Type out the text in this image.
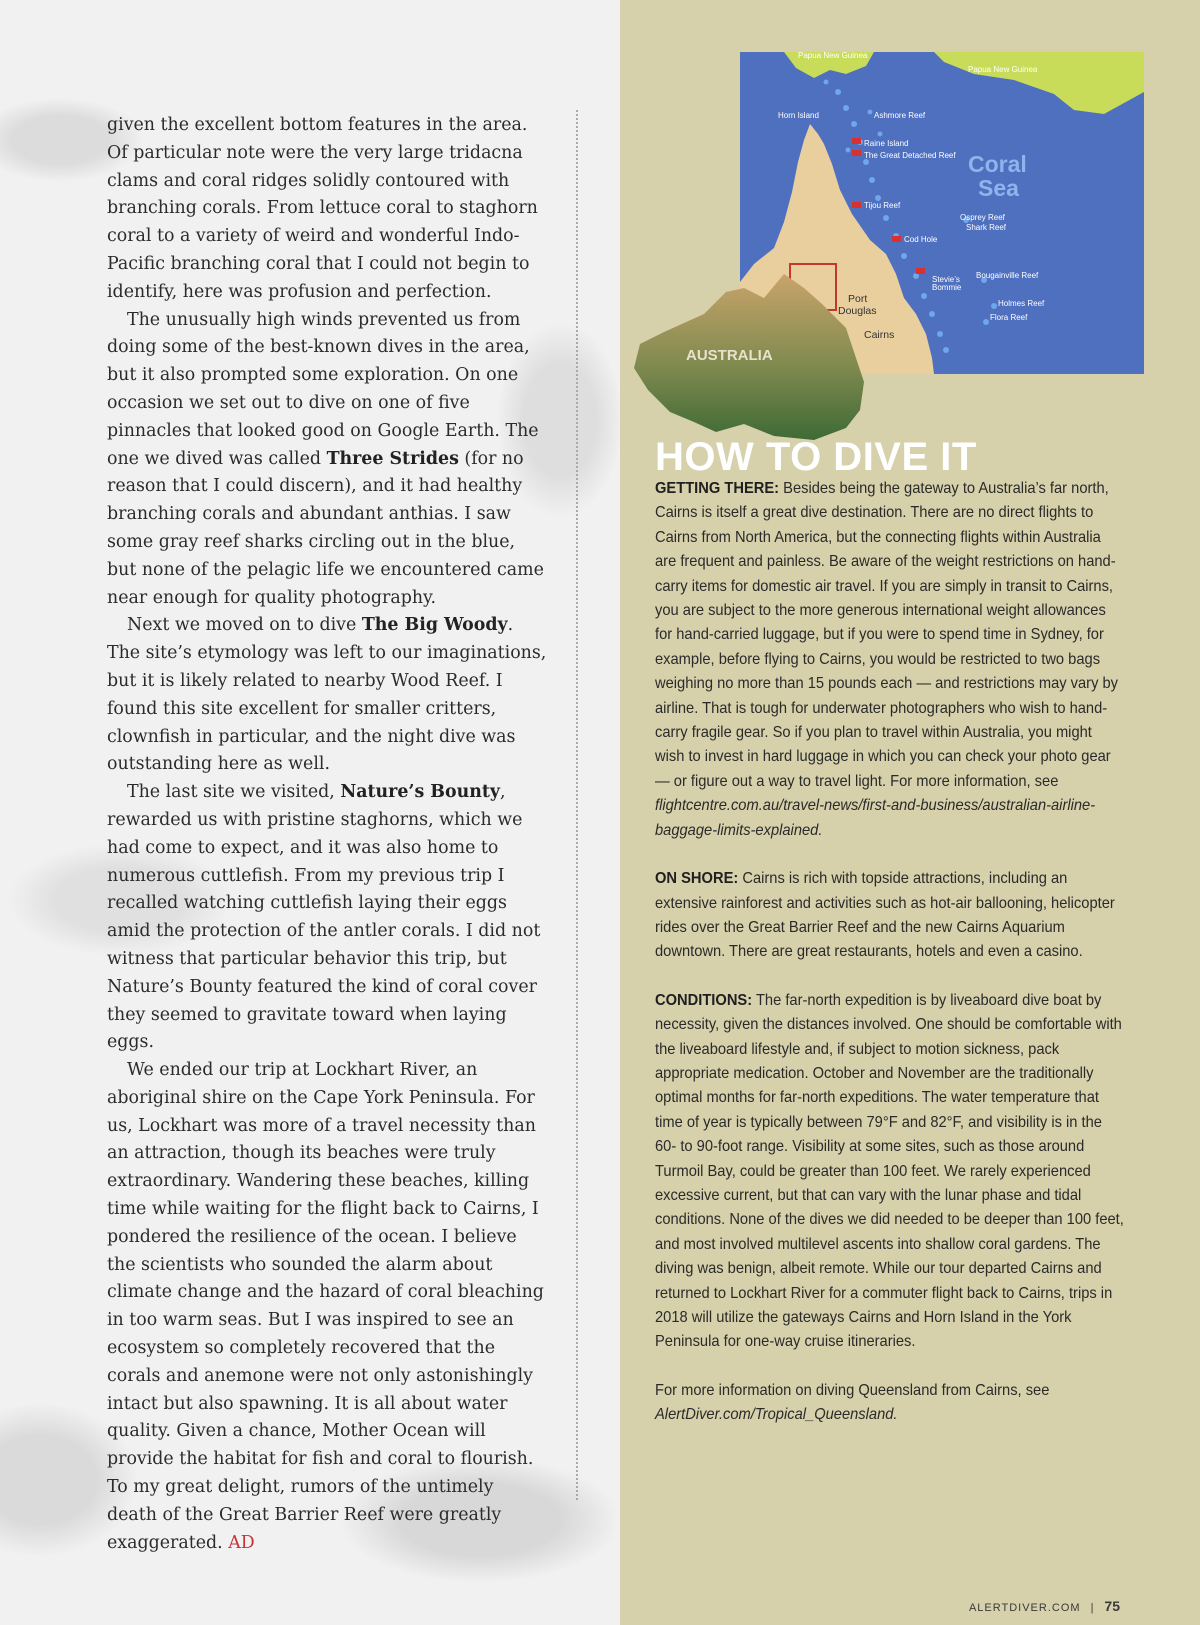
given the excellent bottom features in the area. Of particular note were the very large tridacna clams and coral ridges solidly contoured with branching corals. From lettuce coral to staghorn coral to a variety of weird and wonderful Indo-Pacific branching coral that I could not begin to identify, here was profusion and perfection.

The unusually high winds prevented us from doing some of the best-known dives in the area, but it also prompted some exploration. On one occasion we set out to dive on one of five pinnacles that looked good on Google Earth. The one we dived was called Three Strides (for no reason that I could discern), and it had healthy branching corals and abundant anthias. I saw some gray reef sharks circling out in the blue, but none of the pelagic life we encountered came near enough for quality photography.

Next we moved on to dive The Big Woody. The site’s etymology was left to our imaginations, but it is likely related to nearby Wood Reef. I found this site excellent for smaller critters, clownfish in particular, and the night dive was outstanding here as well.

The last site we visited, Nature’s Bounty, rewarded us with pristine staghorns, which we had come to expect, and it was also home to numerous cuttlefish. From my previous trip I recalled watching cuttlefish laying their eggs amid the protection of the antler corals. I did not witness that particular behavior this trip, but Nature’s Bounty featured the kind of coral cover they seemed to gravitate toward when laying eggs.

We ended our trip at Lockhart River, an aboriginal shire on the Cape York Peninsula. For us, Lockhart was more of a travel necessity than an attraction, though its beaches were truly extraordinary. Wandering these beaches, killing time while waiting for the flight back to Cairns, I pondered the resilience of the ocean. I believe the scientists who sounded the alarm about climate change and the hazard of coral bleaching in too warm seas. But I was inspired to see an ecosystem so completely recovered that the corals and anemone were not only astonishingly intact but also spawning. It is all about water quality. Given a chance, Mother Ocean will provide the habitat for fish and coral to flourish. To my great delight, rumors of the untimely death of the Great Barrier Reef were greatly exaggerated. AD

Papua New Guinea
Papua New Guinea
Horn Island	Ashmore Reef
Raine Island
The Great Detached Reef
Tijou Reef
Osprey Reef
Shark Reef
Cod Hole
Bougainville Reef
Stevie’s
Bommie
Holmes Reef
Flora Reef
Port
Douglas
Cairns
Coral
Sea
AUSTRALIA
HOW TO DIVE IT

GETTING THERE: Besides being the gateway to Australia’s far north, Cairns is itself a great dive destination. There are no direct flights to Cairns from North America, but the connecting flights within Australia are frequent and painless. Be aware of the weight restrictions on hand-carry items for domestic air travel. If you are simply in transit to Cairns, you are subject to the more generous international weight allowances for hand-carried luggage, but if you were to spend time in Sydney, for example, before flying to Cairns, you would be restricted to two bags weighing no more than 15 pounds each — and restrictions may vary by airline. That is tough for underwater photographers who wish to hand-carry fragile gear. So if you plan to travel within Australia, you might wish to invest in hard luggage in which you can check your photo gear — or figure out a way to travel light. For more information, see flightcentre.com.au/travel-news/first-and-business/australian-airline-baggage-limits-explained.

ON SHORE: Cairns is rich with topside attractions, including an extensive rainforest and activities such as hot-air ballooning, helicopter rides over the Great Barrier Reef and the new Cairns Aquarium downtown. There are great restaurants, hotels and even a casino.

CONDITIONS: The far-north expedition is by liveaboard dive boat by necessity, given the distances involved. One should be comfortable with the liveaboard lifestyle and, if subject to motion sickness, pack appropriate medication. October and November are the traditionally optimal months for far-north expeditions. The water temperature that time of year is typically between 79°F and 82°F, and visibility is in the 60- to 90-foot range. Visibility at some sites, such as those around Turmoil Bay, could be greater than 100 feet. We rarely experienced excessive current, but that can vary with the lunar phase and tidal conditions. None of the dives we did needed to be deeper than 100 feet, and most involved multilevel ascents into shallow coral gardens. The diving was benign, albeit remote. While our tour departed Cairns and returned to Lockhart River for a commuter flight back to Cairns, trips in 2018 will utilize the gateways Cairns and Horn Island in the York Peninsula for one-way cruise itineraries.

For more information on diving Queensland from Cairns, see AlertDiver.com/Tropical_Queensland.

ALERTDIVER.COM | 75
